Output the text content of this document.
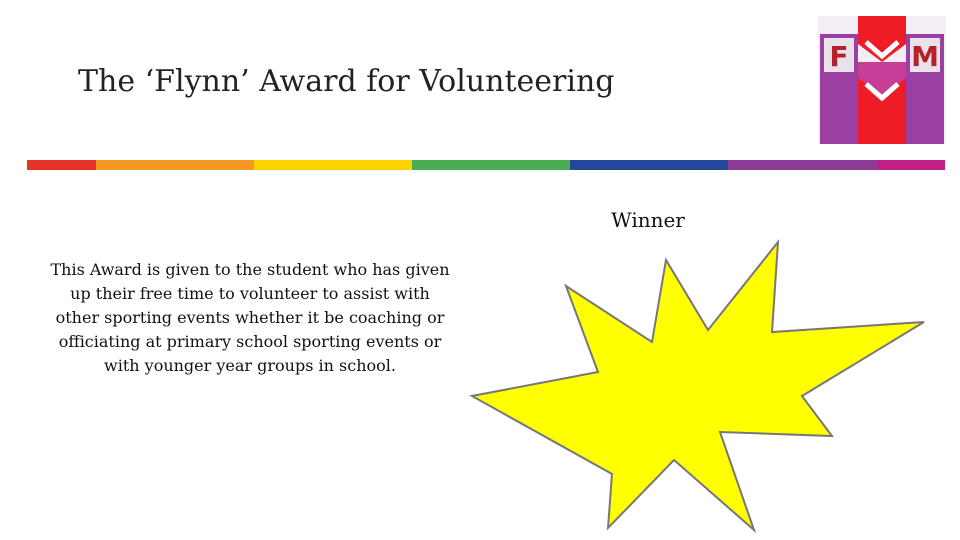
The ‘Flynn’ Award for Volunteering
F M
This Award is given to the student who has given up their free time to volunteer to assist with other sporting events whether it be coaching or officiating at primary school sporting events or with younger year groups in school.
Winner
